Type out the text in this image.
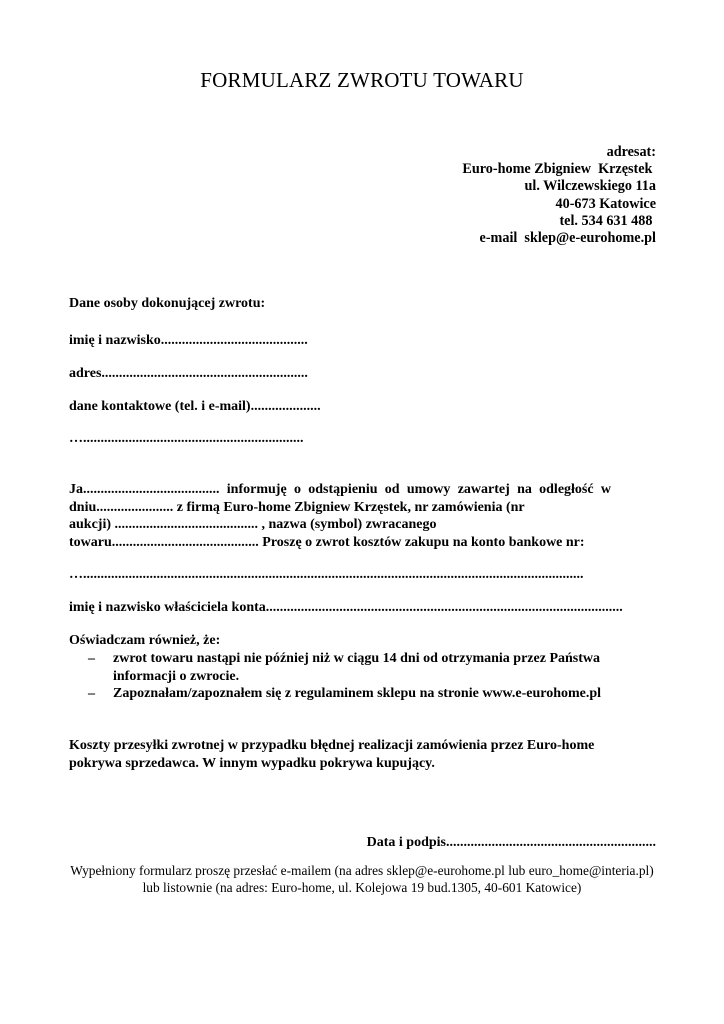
FORMULARZ ZWROTU TOWARU
adresat:
Euro-home Zbigniew  Krzęstek
ul. Wilczewskiego 11a
40-673 Katowice
tel. 534 631 488
e-mail  sklep@e-eurohome.pl
Dane osoby dokonującej zwrotu:
imię i nazwisko..........................................
adres...........................................................
dane kontaktowe (tel. i e-mail)....................
…...............................................................
Ja....................................... informuję o odstąpieniu od umowy zawartej na odległość w
dniu...................... z firmą Euro-home Zbigniew Krzęstek, nr zamówienia (nr
aukcji) ......................................... , nazwa (symbol) zwracanego
towaru.......................................... Proszę o zwrot kosztów zakupu na konto bankowe nr:
…...............................................................................................................................................
imię i nazwisko właściciela konta......................................................................................................
Oświadczam również, że:
– zwrot towaru nastąpi nie później niż w ciągu 14 dni od otrzymania przez Państwa informacji o zwrocie.
– Zapoznałam/zapoznałem się z regulaminem sklepu na stronie www.e-eurohome.pl
Koszty przesyłki zwrotnej w przypadku błędnej realizacji zamówienia przez Euro-home pokrywa sprzedawca. W innym wypadku pokrywa kupujący.
Data i podpis............................................................
Wypełniony formularz proszę przesłać e-mailem (na adres sklep@e-eurohome.pl lub euro_home@interia.pl)
lub listownie (na adres: Euro-home, ul. Kolejowa 19 bud.1305, 40-601 Katowice)
